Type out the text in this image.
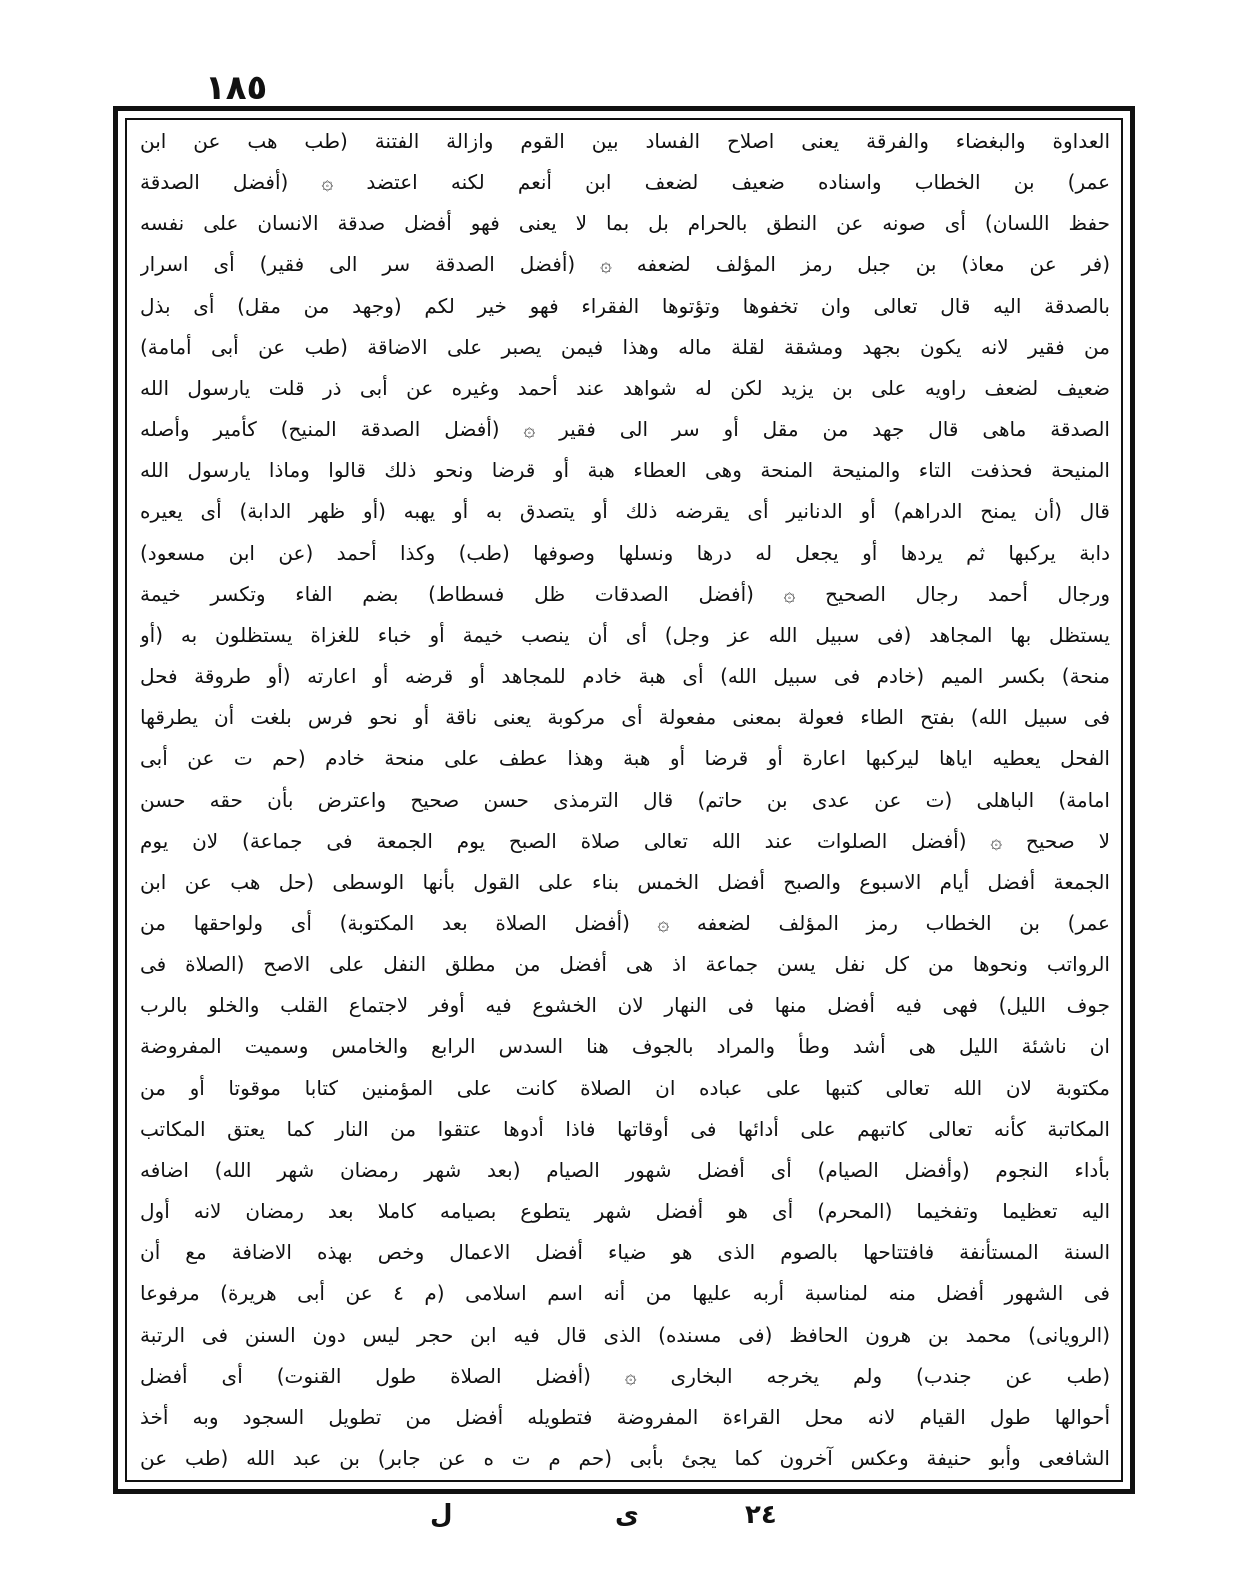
١٨٥
العداوة والبغضاء والفرقة يعنى اصلاح الفساد بين القوم وازالة الفتنة (طب هب عن ابن
عمر) بن الخطاب واسناده ضعيف لضعف ابن أنعم لكنه اعتضد ۞ (أفضل الصدقة
حفظ اللسان) أى صونه عن النطق بالحرام بل بما لا يعنى فهو أفضل صدقة الانسان على نفسه
(فر عن معاذ) بن جبل رمز المؤلف لضعفه ۞ (أفضل الصدقة سر الى فقير) أى اسرار
بالصدقة اليه قال تعالى وان تخفوها وتؤتوها الفقراء فهو خير لكم (وجهد من مقل) أى بذل
من فقير لانه يكون بجهد ومشقة لقلة ماله وهذا فيمن يصبر على الاضاقة (طب عن أبى أمامة)
ضعيف لضعف راويه على بن يزيد لكن له شواهد عند أحمد وغيره عن أبى ذر قلت يارسول الله
الصدقة ماهى قال جهد من مقل أو سر الى فقير ۞ (أفضل الصدقة المنيح) كأمير وأصله
المنيحة فحذفت التاء والمنيحة المنحة وهى العطاء هبة أو قرضا ونحو ذلك قالوا وماذا يارسول الله
قال (أن يمنح الدراهم) أو الدنانير أى يقرضه ذلك أو يتصدق به أو يهبه (أو ظهر الدابة) أى يعيره
دابة يركبها ثم يردها أو يجعل له درها ونسلها وصوفها (طب) وكذا أحمد (عن ابن مسعود)
ورجال أحمد رجال الصحيح ۞ (أفضل الصدقات ظل فسطاط) بضم الفاء وتكسر خيمة
يستظل بها المجاهد (فى سبيل الله عز وجل) أى أن ينصب خيمة أو خباء للغزاة يستظلون به (أو
منحة) بكسر الميم (خادم فى سبيل الله) أى هبة خادم للمجاهد أو قرضه أو اعارته (أو طروقة فحل
فى سبيل الله) بفتح الطاء فعولة بمعنى مفعولة أى مركوبة يعنى ناقة أو نحو فرس بلغت أن يطرقها
الفحل يعطيه اياها ليركبها اعارة أو قرضا أو هبة وهذا عطف على منحة خادم (حم ت عن أبى
امامة) الباهلى (ت عن عدى بن حاتم) قال الترمذى حسن صحيح واعترض بأن حقه حسن
لا صحيح ۞ (أفضل الصلوات عند الله تعالى صلاة الصبح يوم الجمعة فى جماعة) لان يوم
الجمعة أفضل أيام الاسبوع والصبح أفضل الخمس بناء على القول بأنها الوسطى (حل هب عن ابن
عمر) بن الخطاب رمز المؤلف لضعفه ۞ (أفضل الصلاة بعد المكتوبة) أى ولواحقها من
الرواتب ونحوها من كل نفل يسن جماعة اذ هى أفضل من مطلق النفل على الاصح (الصلاة فى
جوف الليل) فهى فيه أفضل منها فى النهار لان الخشوع فيه أوفر لاجتماع القلب والخلو بالرب
ان ناشئة الليل هى أشد وطأ والمراد بالجوف هنا السدس الرابع والخامس وسميت المفروضة
مكتوبة لان الله تعالى كتبها على عباده ان الصلاة كانت على المؤمنين كتابا موقوتا أو من
المكاتبة كأنه تعالى كاتبهم على أدائها فى أوقاتها فاذا أدوها عتقوا من النار كما يعتق المكاتب
بأداء النجوم (وأفضل الصيام) أى أفضل شهور الصيام (بعد شهر رمضان شهر الله) اضافه
اليه تعظيما وتفخيما (المحرم) أى هو أفضل شهر يتطوع بصيامه كاملا بعد رمضان لانه أول
السنة المستأنفة فافتتاحها بالصوم الذى هو ضياء أفضل الاعمال وخص بهذه الاضافة مع أن
فى الشهور أفضل منه لمناسبة أربه عليها من أنه اسم اسلامى (م ٤ عن أبى هريرة) مرفوعا
(الرويانى) محمد بن هرون الحافظ (فى مسنده) الذى قال فيه ابن حجر ليس دون السنن فى الرتبة
(طب عن جندب) ولم يخرجه البخارى ۞ (أفضل الصلاة طول القنوت) أى أفضل
أحوالها طول القيام لانه محل القراءة المفروضة فتطويله أفضل من تطويل السجود وبه أخذ
الشافعى وأبو حنيفة وعكس آخرون كما يجئ بأبى (حم م ت ه عن جابر) بن عبد الله (طب عن
ل	ى	٢٤
